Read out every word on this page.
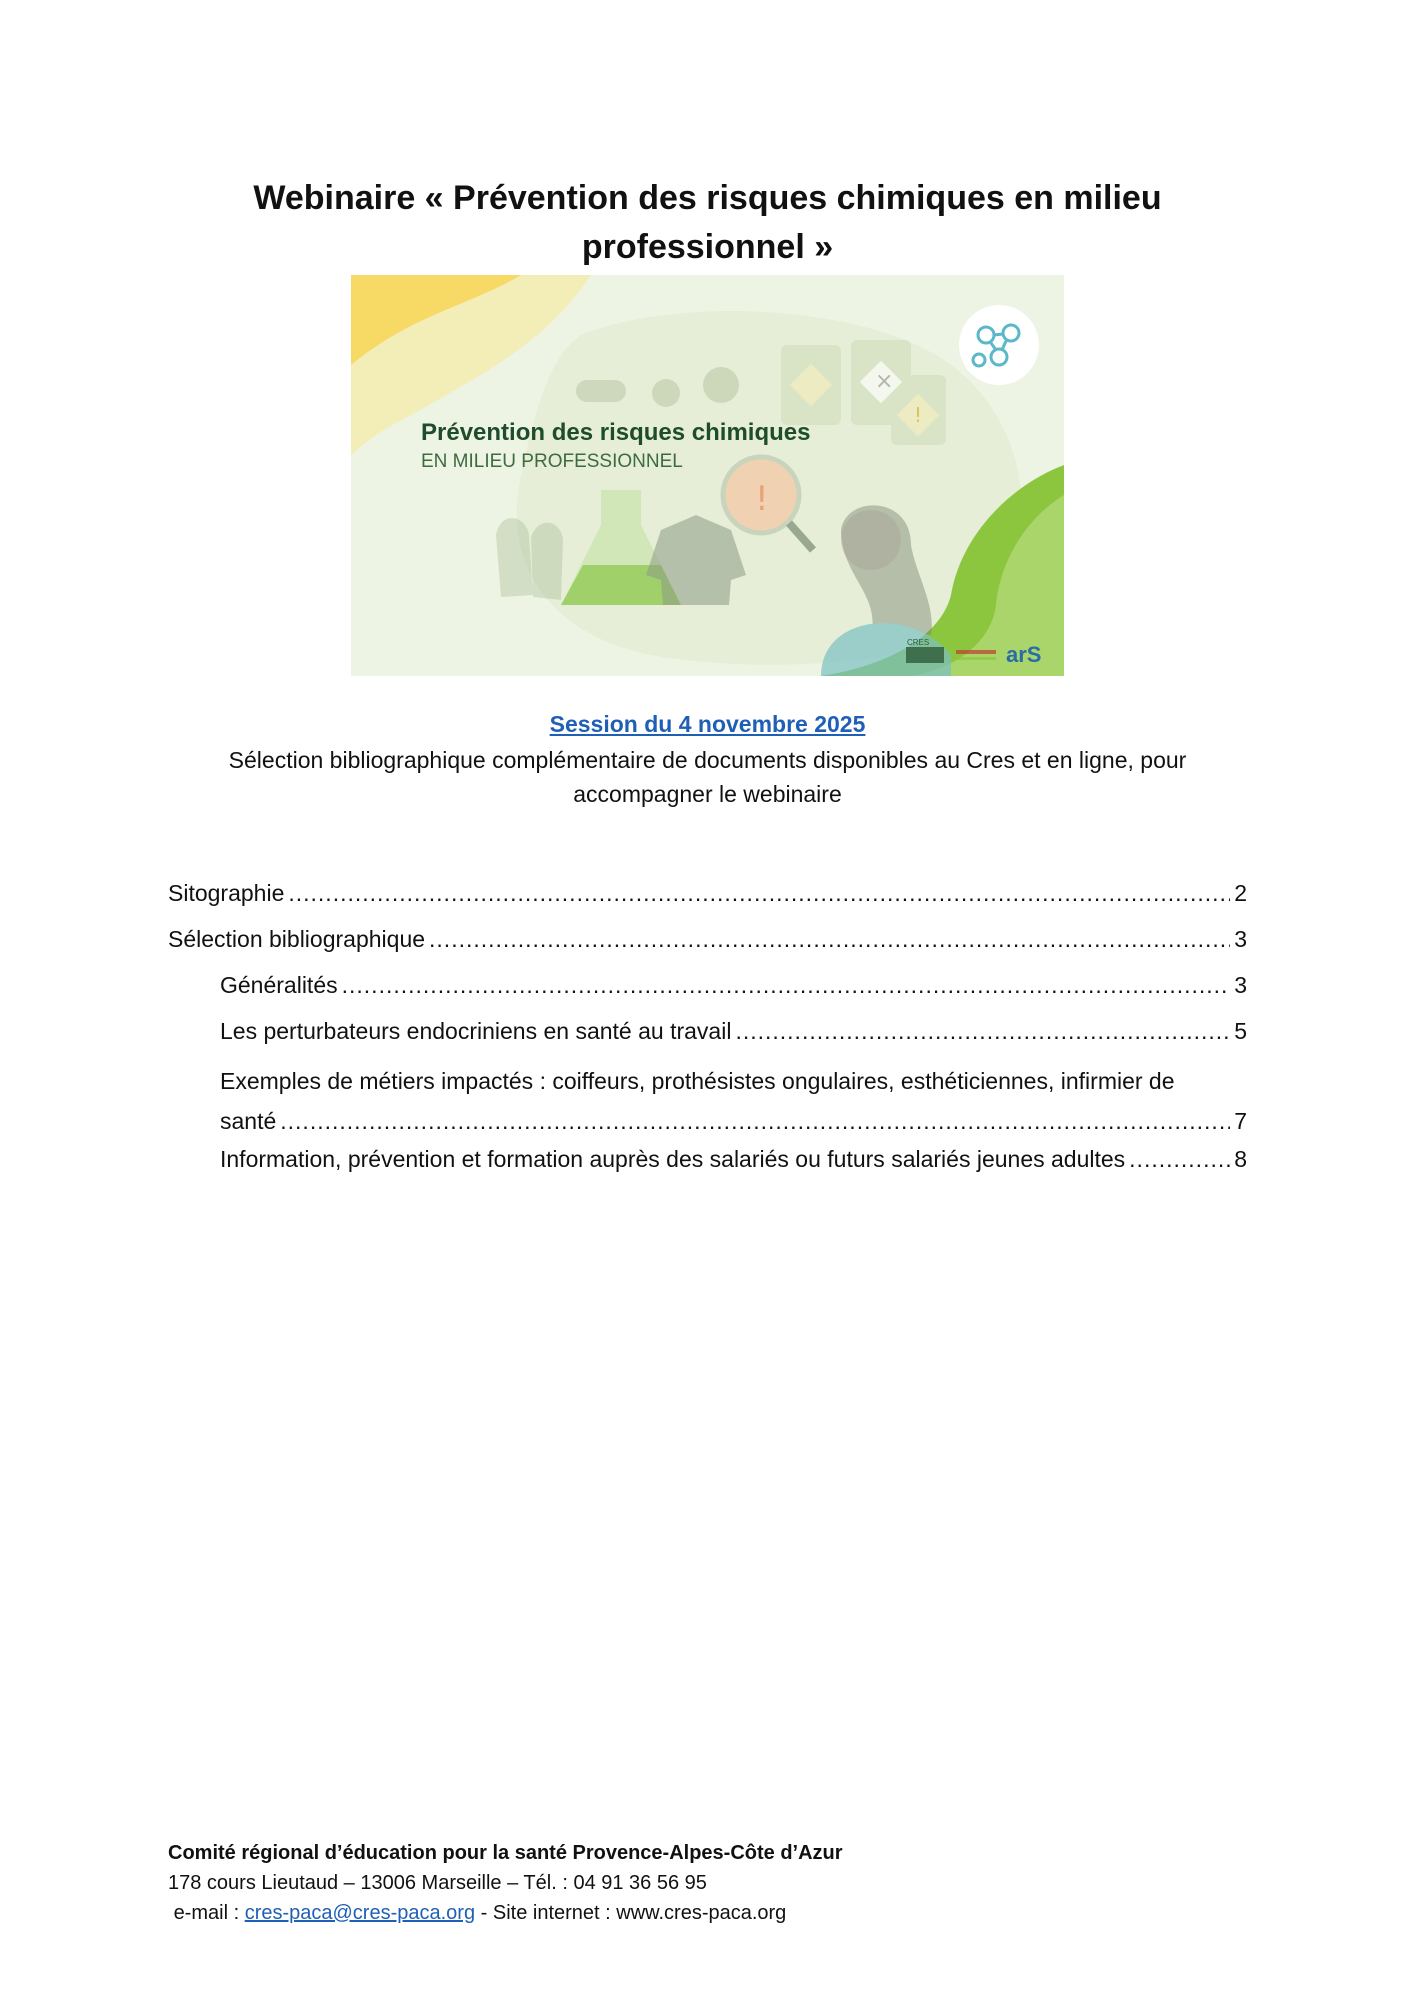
Webinaire « Prévention des risques chimiques en milieu
professionnel »
×
!
Prévention des risques chimiques
EN MILIEU PROFESSIONNEL
!
CRES	arS
Session du 4 novembre 2025

Sélection bibliographique complémentaire de documents disponibles au Cres et en ligne, pour
accompagner le webinaire

Sitographie .....	2
Sélection bibliographique .....	3
Généralités .....	3
Les perturbateurs endocriniens en santé au travail .....	5
Exemples de métiers impactés : coiffeurs, prothésistes ongulaires, esthéticiennes, infirmier de
santé .....	7
Information, prévention et formation auprès des salariés ou futurs salariés jeunes adultes .....	8
Comité régional d’éducation pour la santé Provence-Alpes-Côte d’Azur
178 cours Lieutaud – 13006 Marseille – Tél. : 04 91 36 56 95
e-mail : cres-paca@cres-paca.org - Site internet : www.cres-paca.org
